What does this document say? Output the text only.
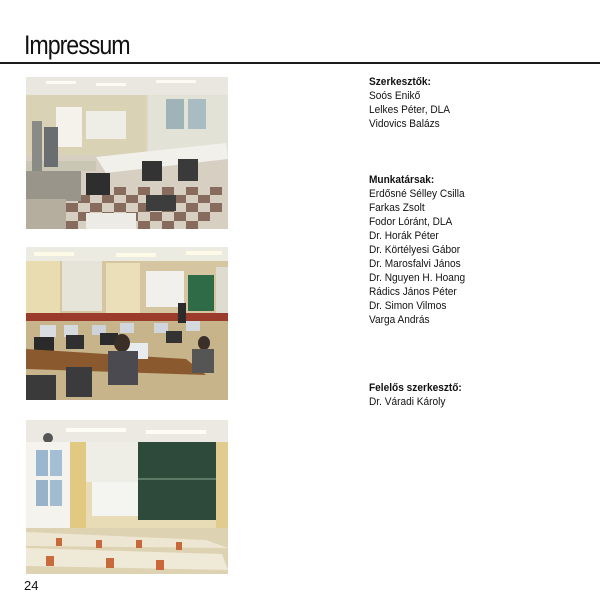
Impressum
Szerkesztők:
Soós Enikő
Lelkes Péter, DLA
Vidovics Balázs
Munkatársak:
Erdősné Sélley Csilla
Farkas Zsolt
Fodor Lóránt, DLA
Dr. Horák Péter
Dr. Körtélyesi Gábor
Dr. Marosfalvi János
Dr. Nguyen H. Hoang
Rádics János Péter
Dr. Simon Vilmos
Varga András
Felelős szerkesztő:
Dr. Váradi Károly
24
